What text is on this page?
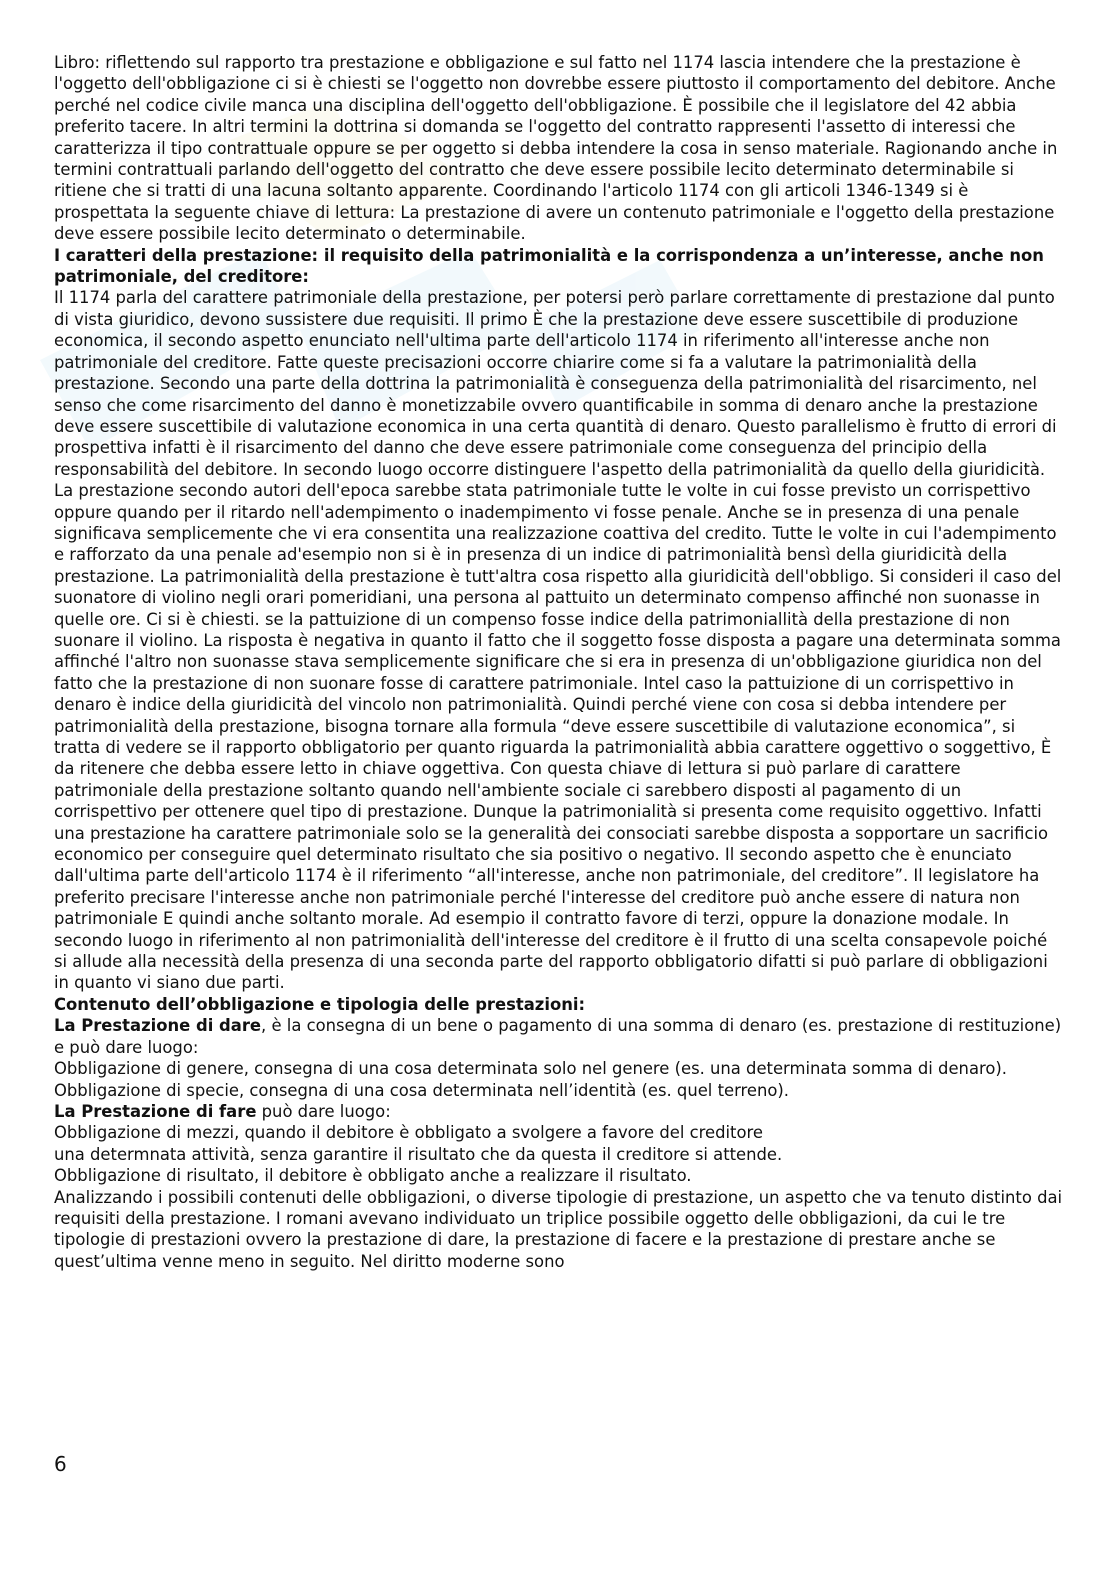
Libro: riflettendo sul rapporto tra prestazione e obbligazione e sul fatto nel 1174 lascia intendere che la prestazione è l'oggetto dell'obbligazione ci si è chiesti se l'oggetto non dovrebbe essere piuttosto il comportamento del debitore. Anche perché nel codice civile manca una disciplina dell'oggetto dell'obbligazione. È possibile che il legislatore del 42 abbia preferito tacere. In altri termini la dottrina si domanda se l'oggetto del contratto rappresenti l'assetto di interessi che caratterizza il tipo contrattuale oppure se per oggetto si debba intendere la cosa in senso materiale. Ragionando anche in termini contrattuali parlando dell'oggetto del contratto che deve essere possibile lecito determinato determinabile si ritiene che si tratti di una lacuna soltanto apparente. Coordinando l'articolo 1174 con gli articoli 1346-1349 si è prospettata la seguente chiave di lettura: La prestazione di avere un contenuto patrimoniale e l'oggetto della prestazione deve essere possibile lecito determinato o determinabile.

I caratteri della prestazione: il requisito della patrimonialità e la corrispondenza a un’interesse, anche non patrimoniale, del creditore:

Il 1174 parla del carattere patrimoniale della prestazione, per potersi però parlare correttamente di prestazione dal punto di vista giuridico, devono sussistere due requisiti. Il primo È che la prestazione deve essere suscettibile di produzione economica, il secondo aspetto enunciato nell'ultima parte dell'articolo 1174 in riferimento all'interesse anche non patrimoniale del creditore. Fatte queste precisazioni occorre chiarire come si fa a valutare la patrimonialità della prestazione. Secondo una parte della dottrina la patrimonialità è conseguenza della patrimonialità del risarcimento, nel senso che come risarcimento del danno è monetizzabile ovvero quantificabile in somma di denaro anche la prestazione deve essere suscettibile di valutazione economica in una certa quantità di denaro. Questo parallelismo è frutto di errori di prospettiva infatti è il risarcimento del danno che deve essere patrimoniale come conseguenza del principio della responsabilità del debitore. In secondo luogo occorre distinguere l'aspetto della patrimonialità da quello della giuridicità. La prestazione secondo autori dell'epoca sarebbe stata patrimoniale tutte le volte in cui fosse previsto un corrispettivo oppure quando per il ritardo nell'adempimento o inadempimento vi fosse penale. Anche se in presenza di una penale significava semplicemente che vi era consentita una realizzazione coattiva del credito. Tutte le volte in cui l'adempimento e rafforzato da una penale ad'esempio non si è in presenza di un indice di patrimonialità bensì della giuridicità della prestazione. La patrimonialità della prestazione è tutt'altra cosa rispetto alla giuridicità dell'obbligo. Si consideri il caso del suonatore di violino negli orari pomeridiani, una persona al pattuito un determinato compenso affinché non suonasse in quelle ore. Ci si è chiesti. se la pattuizione di un compenso fosse indice della patrimoniallità della prestazione di non suonare il violino. La risposta è negativa in quanto il fatto che il soggetto fosse disposta a pagare una determinata somma affinché l'altro non suonasse stava semplicemente significare che si era in presenza di un'obbligazione giuridica non del fatto che la prestazione di non suonare fosse di carattere patrimoniale. Intel caso la pattuizione di un corrispettivo in denaro è indice della giuridicità del vincolo non patrimonialità. Quindi perché viene con cosa si debba intendere per patrimonialità della prestazione, bisogna tornare alla formula “deve essere suscettibile di valutazione economica”, si tratta di vedere se il rapporto obbligatorio per quanto riguarda la patrimonialità abbia carattere oggettivo o soggettivo, È da ritenere che debba essere letto in chiave oggettiva. Con questa chiave di lettura si può parlare di carattere patrimoniale della prestazione soltanto quando nell'ambiente sociale ci sarebbero disposti al pagamento di un corrispettivo per ottenere quel tipo di prestazione. Dunque la patrimonialità si presenta come requisito oggettivo. Infatti una prestazione ha carattere patrimoniale solo se la generalità dei consociati sarebbe disposta a sopportare un sacrificio economico per conseguire quel determinato risultato che sia positivo o negativo. Il secondo aspetto che è enunciato dall'ultima parte dell'articolo 1174 è il riferimento “all'interesse, anche non patrimoniale, del creditore”. Il legislatore ha preferito precisare l'interesse anche non patrimoniale perché l'interesse del creditore può anche essere di natura non patrimoniale E quindi anche soltanto morale. Ad esempio il contratto favore di terzi, oppure la donazione modale. In secondo luogo in riferimento al non patrimonialità dell'interesse del creditore è il frutto di una scelta consapevole poiché si allude alla necessità della presenza di una seconda parte del rapporto obbligatorio difatti si può parlare di obbligazioni in quanto vi siano due parti.

Contenuto dell’obbligazione e tipologia delle prestazioni:

La Prestazione di dare, è la consegna di un bene o pagamento di una somma di denaro (es. prestazione di restituzione) e può dare luogo:

Obbligazione di genere, consegna di una cosa determinata solo nel genere (es. una determinata somma di denaro).

Obbligazione di specie, consegna di una cosa determinata nell’identità (es. quel terreno).

La Prestazione di fare può dare luogo:

Obbligazione di mezzi, quando il debitore è obbligato a svolgere a favore del creditore

una determnata attività, senza garantire il risultato che da questa il creditore si attende.

Obbligazione di risultato, il debitore è obbligato anche a realizzare il risultato.

Analizzando i possibili contenuti delle obbligazioni, o diverse tipologie di prestazione, un aspetto che va tenuto distinto dai requisiti della prestazione. I romani avevano individuato un triplice possibile oggetto delle obbligazioni, da cui le tre tipologie di prestazioni ovvero la prestazione di dare, la prestazione di facere e la prestazione di prestare anche se quest’ultima venne meno in seguito. Nel diritto moderne sono

6
